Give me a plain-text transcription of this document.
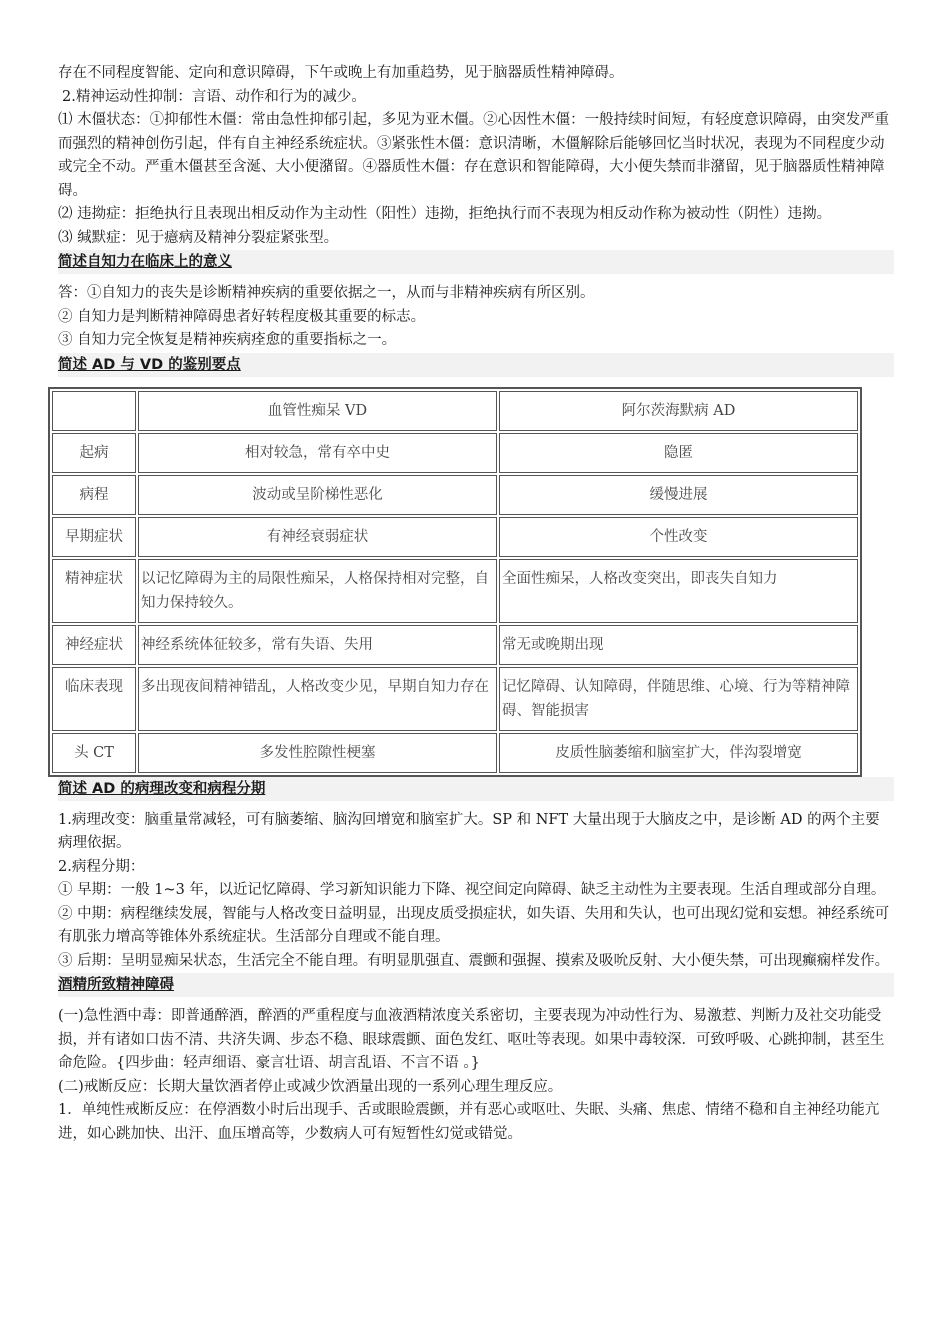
存在不同程度智能、定向和意识障碍，下午或晚上有加重趋势，见于脑器质性精神障碍。

2.精神运动性抑制：言语、动作和行为的减少。

⑴ 木僵状态：①抑郁性木僵：常由急性抑郁引起，多见为亚木僵。②心因性木僵：一般持续时间短，有轻度意识障碍，由突发严重而强烈的精神创伤引起，伴有自主神经系统症状。③紧张性木僵：意识清晰，木僵解除后能够回忆当时状况，表现为不同程度少动或完全不动。严重木僵甚至含涎、大小便潴留。④器质性木僵：存在意识和智能障碍，大小便失禁而非潴留，见于脑器质性精神障碍。

⑵ 违拗症：拒绝执行且表现出相反动作为主动性（阳性）违拗，拒绝执行而不表现为相反动作称为被动性（阴性）违拗。

⑶ 缄默症：见于癔病及精神分裂症紧张型。

简述自知力在临床上的意义

答：①自知力的丧失是诊断精神疾病的重要依据之一，从而与非精神疾病有所区别。

② 自知力是判断精神障碍患者好转程度极其重要的标志。

③ 自知力完全恢复是精神疾病痊愈的重要指标之一。

简述 AD 与 VD 的鉴别要点
	血管性痴呆 VD	阿尔茨海默病 AD
起病	相对较急，常有卒中史	隐匿
病程	波动或呈阶梯性恶化	缓慢进展
早期症状	有神经衰弱症状	个性改变
精神症状	以记忆障碍为主的局限性痴呆，人格保持相对完整，自知力保持较久。	全面性痴呆，人格改变突出，即丧失自知力
神经症状	神经系统体征较多，常有失语、失用	常无或晚期出现
临床表现	多出现夜间精神错乱，人格改变少见，早期自知力存在	记忆障碍、认知障碍，伴随思维、心境、行为等精神障碍、智能损害
头 CT	多发性腔隙性梗塞	皮质性脑萎缩和脑室扩大，伴沟裂增宽
简述 AD 的病理改变和病程分期

1.病理改变：脑重量常减轻，可有脑萎缩、脑沟回增宽和脑室扩大。SP 和 NFT 大量出现于大脑皮之中，是诊断 AD 的两个主要病理依据。

2.病程分期：

① 早期：一般 1~3 年，以近记忆障碍、学习新知识能力下降、视空间定向障碍、缺乏主动性为主要表现。生活自理或部分自理。

② 中期：病程继续发展，智能与人格改变日益明显，出现皮质受损症状，如失语、失用和失认，也可出现幻觉和妄想。神经系统可有肌张力增高等锥体外系统症状。生活部分自理或不能自理。

③ 后期：呈明显痴呆状态，生活完全不能自理。有明显肌强直、震颤和强握、摸索及吸吮反射、大小便失禁，可出现癫痫样发作。

酒精所致精神障碍

(一)急性酒中毒：即普通醉酒，醉酒的严重程度与血液酒精浓度关系密切，主要表现为冲动性行为、易激惹、判断力及社交功能受损，并有诸如口齿不清、共济失调、步态不稳、眼球震颤、面色发红、呕吐等表现。如果中毒较深．可致呼吸、心跳抑制，甚至生命危险。{四步曲：轻声细语、豪言壮语、胡言乱语、不言不语 。}

(二)戒断反应：长期大量饮酒者停止或减少饮酒量出现的一系列心理生理反应。

1．单纯性戒断反应：在停酒数小时后出现手、舌或眼睑震颤，并有恶心或呕吐、失眠、头痛、焦虑、情绪不稳和自主神经功能亢进，如心跳加快、出汗、血压增高等，少数病人可有短暂性幻觉或错觉。
